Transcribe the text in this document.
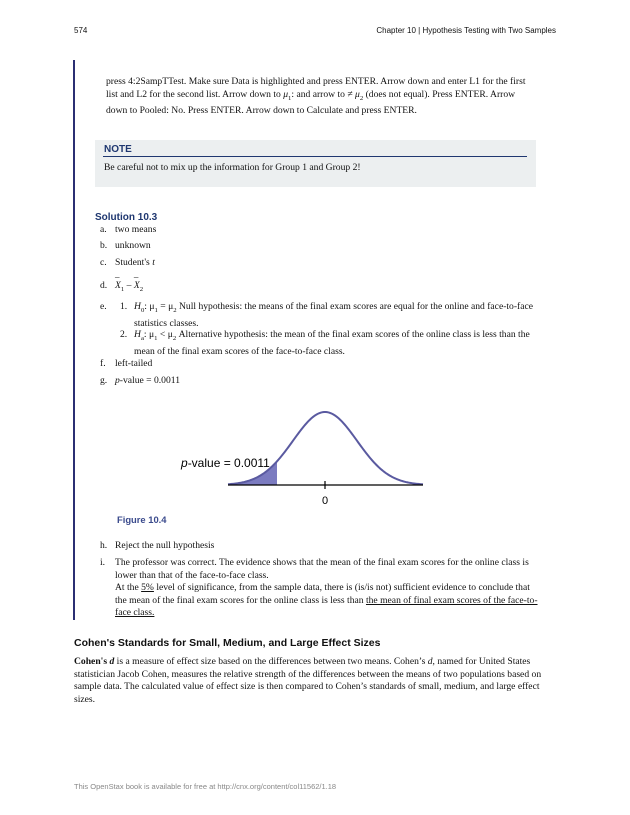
574	Chapter 10 | Hypothesis Testing with Two Samples
press 4:2SampTTest. Make sure Data is highlighted and press ENTER. Arrow down and enter L1 for the first list and L2 for the second list. Arrow down to $\mu_1$: and arrow to ≠ $\mu_2$ (does not equal). Press ENTER. Arrow down to Pooled: No. Press ENTER. Arrow down to Calculate and press ENTER.
NOTE
Be careful not to mix up the information for Group 1 and Group 2!
Solution 10.3
a. two means
b. unknown
c. Student's t
d.
–
$X_1$ –
–
$X_2$
e. 1. $H_0$: $\mu_1 = \mu_2$ Null hypothesis: the means of the final exam scores are equal for the online and face-to-face statistics classes.
2. $H_a$: $\mu_1 < \mu_2$ Alternative hypothesis: the mean of the final exam scores of the online class is less than the mean of the final exam scores of the face-to-face class.
f. left-tailed
g. p-value = 0.0011
0
p-value = 0.0011
Figure 10.4
h. Reject the null hypothesis
i. The professor was correct. The evidence shows that the mean of the final exam scores for the online class is lower than that of the face-to-face class.
At the 5% level of significance, from the sample data, there is (is/is not) sufficient evidence to conclude that the mean of the final exam scores for the online class is less than the mean of final exam scores of the face-to-face class.
Cohen's Standards for Small, Medium, and Large Effect Sizes
Cohen's d is a measure of effect size based on the differences between two means. Cohen’s d, named for United States statistician Jacob Cohen, measures the relative strength of the differences between the means of two populations based on sample data. The calculated value of effect size is then compared to Cohen’s standards of small, medium, and large effect sizes.
This OpenStax book is available for free at http://cnx.org/content/col11562/1.18
